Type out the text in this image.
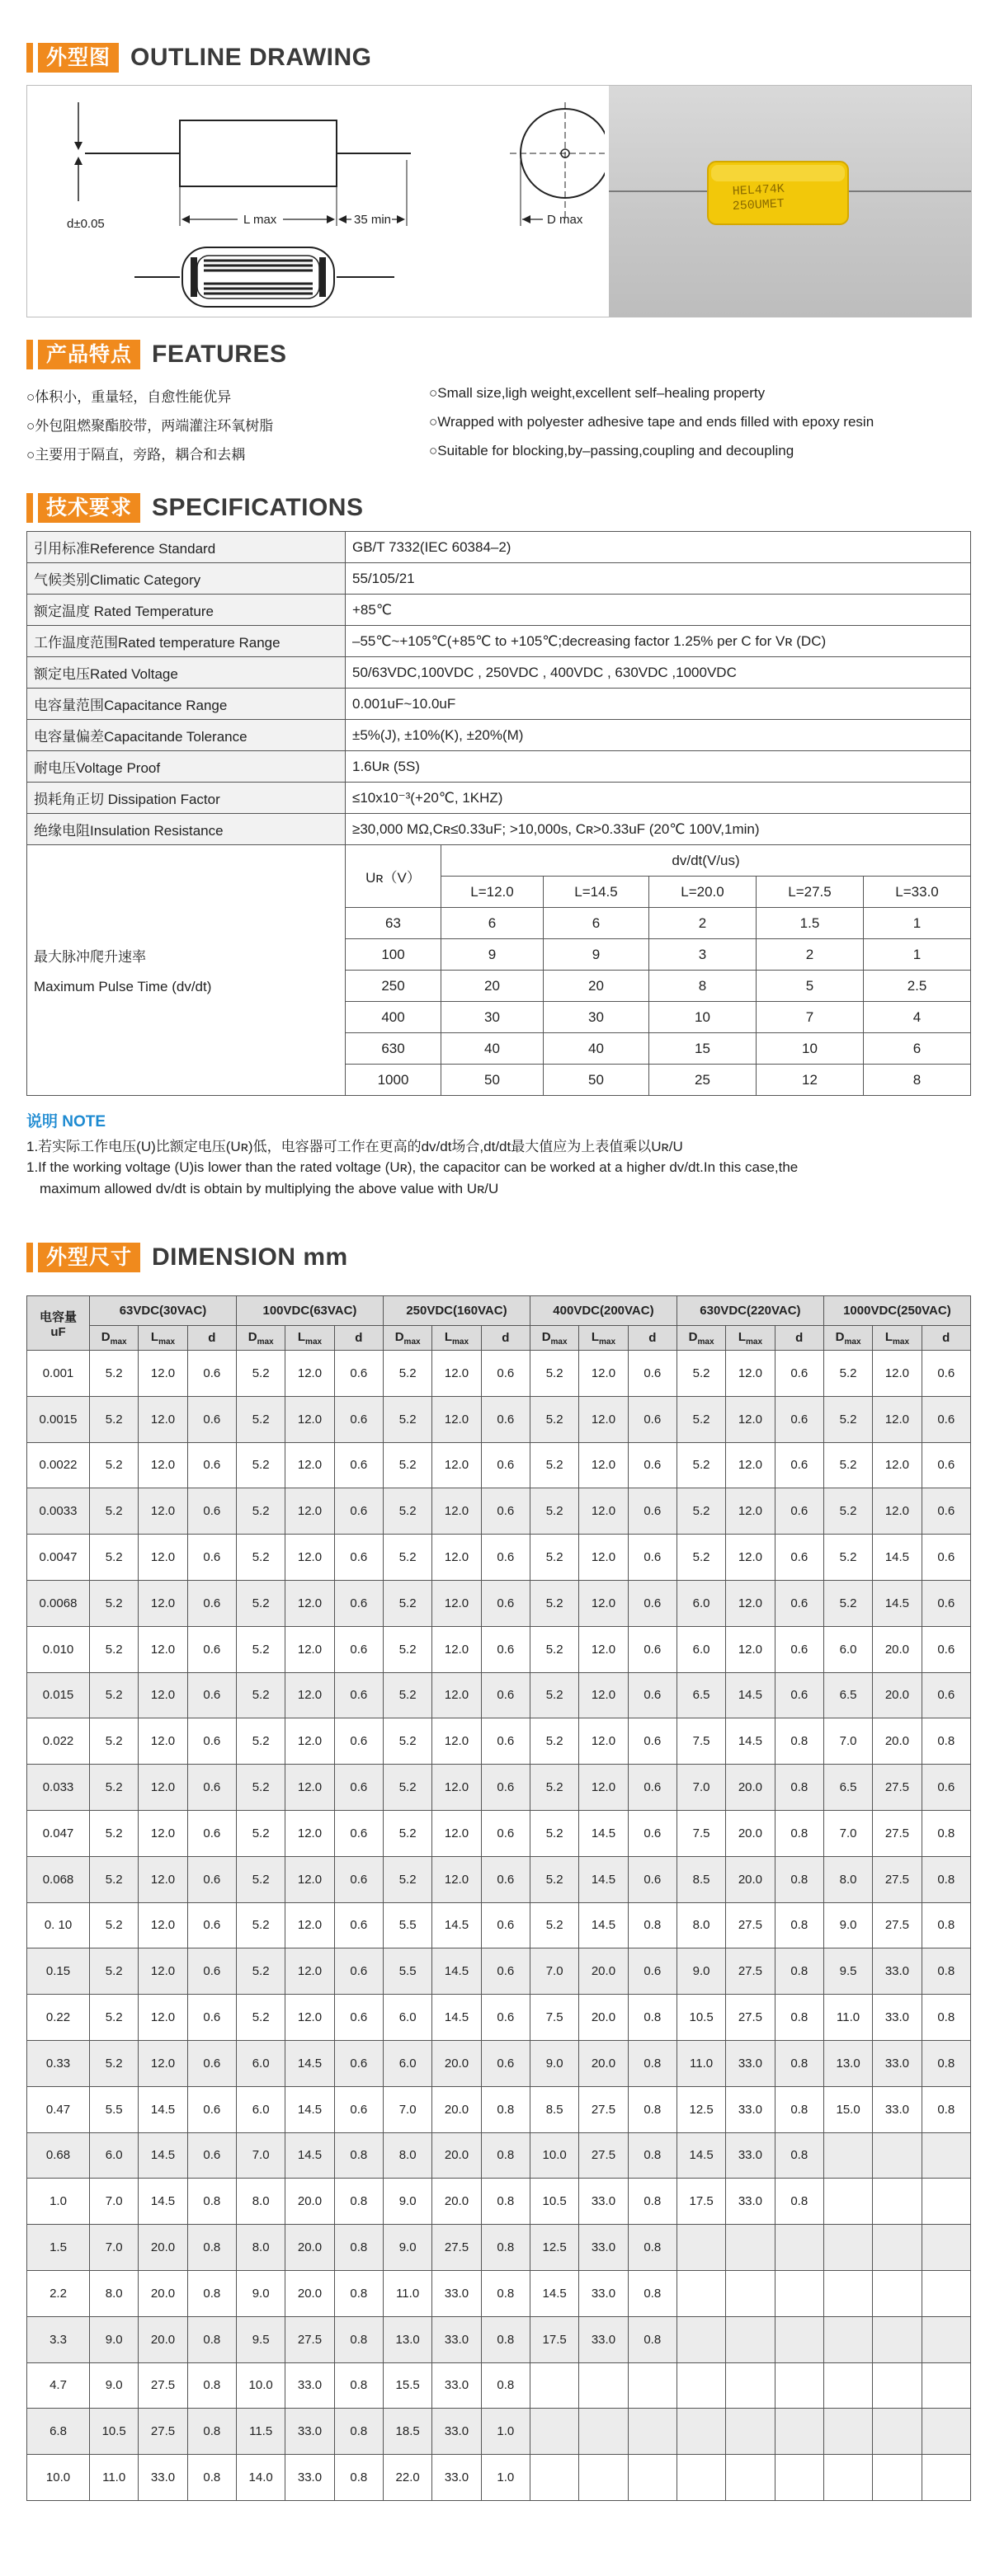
外型图 OUTLINE DRAWING
d±0.05	L max	35 min	D max
HEL474K
250UMET
产品特点 FEATURES
○体积小，重量轻，自愈性能优异
○外包阻燃聚酯胶带，两端灌注环氧树脂
○主要用于隔直，旁路，耦合和去耦
○Small size,ligh weight,excellent self–healing property
○Wrapped with polyester adhesive tape and ends filled with epoxy resin
○Suitable for blocking,by–passing,coupling and decoupling
技术要求 SPECIFICATIONS
引用标准Reference Standard	GB/T 7332(IEC 60384–2)					
气候类别Climatic Category	55/105/21					
额定温度 Rated Temperature	+85℃					
工作温度范围Rated temperature Range	–55℃~+105℃(+85℃ to +105℃;decreasing factor 1.25% per C for Vʀ (DC)					
额定电压Rated Voltage	50/63VDC,100VDC , 250VDC , 400VDC , 630VDC ,1000VDC					
电容量范围Capacitance Range	0.001uF~10.0uF					
电容量偏差Capacitande Tolerance	±5%(J), ±10%(K), ±20%(M)					
耐电压Voltage Proof	1.6Uʀ (5S)					
损耗角正切 Dissipation Factor	≤10x10⁻³(+20℃, 1KHZ)					
绝缘电阻Insulation Resistance	≥30,000 MΩ,Cʀ≤0.33uF; >10,000s, Cʀ>0.33uF (20℃ 100V,1min)					

最大脉冲爬升速率
Maximum Pulse Time (dv/dt)	Uʀ（V）	dv/dt(V/us)				
		L=12.0	L=14.5	L=20.0	L=27.5	L=33.0
	63	6	6	2	1.5	1
	100	9	9	3	2	1
	250	20	20	8	5	2.5
	400	30	30	10	7	4
	630	40	40	15	10	6
	1000	50	50	25	12	8
说明 NOTE
1.若实际工作电压(U)比额定电压(Uʀ)低，电容器可工作在更高的dv/dt场合,dt/dt最大值应为上表值乘以Uʀ/U
1.If the working voltage (U)is lower than the rated voltage (Uʀ), the capacitor can be worked at a higher dv/dt.In this case,the
maximum allowed dv/dt is obtain by multiplying the above value with Uʀ/U
外型尺寸 DIMENSION mm
电容量
uF	63VDC(30VAC)			100VDC(63VAC)			250VDC(160VAC)			400VDC(200VAC)			630VDC(220VAC)			1000VDC(250VAC)		
	$D_{max}$	$L_{max}$	d	$D_{max}$	$L_{max}$	d	$D_{max}$	$L_{max}$	d	$D_{max}$	$L_{max}$	d	$D_{max}$	$L_{max}$	d	$D_{max}$	$L_{max}$	d
0.001	5.2	12.0	0.6	5.2	12.0	0.6	5.2	12.0	0.6	5.2	12.0	0.6	5.2	12.0	0.6	5.2	12.0	0.6
0.0015	5.2	12.0	0.6	5.2	12.0	0.6	5.2	12.0	0.6	5.2	12.0	0.6	5.2	12.0	0.6	5.2	12.0	0.6
0.0022	5.2	12.0	0.6	5.2	12.0	0.6	5.2	12.0	0.6	5.2	12.0	0.6	5.2	12.0	0.6	5.2	12.0	0.6
0.0033	5.2	12.0	0.6	5.2	12.0	0.6	5.2	12.0	0.6	5.2	12.0	0.6	5.2	12.0	0.6	5.2	12.0	0.6
0.0047	5.2	12.0	0.6	5.2	12.0	0.6	5.2	12.0	0.6	5.2	12.0	0.6	5.2	12.0	0.6	5.2	14.5	0.6
0.0068	5.2	12.0	0.6	5.2	12.0	0.6	5.2	12.0	0.6	5.2	12.0	0.6	6.0	12.0	0.6	5.2	14.5	0.6
0.010	5.2	12.0	0.6	5.2	12.0	0.6	5.2	12.0	0.6	5.2	12.0	0.6	6.0	12.0	0.6	6.0	20.0	0.6
0.015	5.2	12.0	0.6	5.2	12.0	0.6	5.2	12.0	0.6	5.2	12.0	0.6	6.5	14.5	0.6	6.5	20.0	0.6
0.022	5.2	12.0	0.6	5.2	12.0	0.6	5.2	12.0	0.6	5.2	12.0	0.6	7.5	14.5	0.8	7.0	20.0	0.8
0.033	5.2	12.0	0.6	5.2	12.0	0.6	5.2	12.0	0.6	5.2	12.0	0.6	7.0	20.0	0.8	6.5	27.5	0.6
0.047	5.2	12.0	0.6	5.2	12.0	0.6	5.2	12.0	0.6	5.2	14.5	0.6	7.5	20.0	0.8	7.0	27.5	0.8
0.068	5.2	12.0	0.6	5.2	12.0	0.6	5.2	12.0	0.6	5.2	14.5	0.6	8.5	20.0	0.8	8.0	27.5	0.8
0. 10	5.2	12.0	0.6	5.2	12.0	0.6	5.5	14.5	0.6	5.2	14.5	0.8	8.0	27.5	0.8	9.0	27.5	0.8
0.15	5.2	12.0	0.6	5.2	12.0	0.6	5.5	14.5	0.6	7.0	20.0	0.6	9.0	27.5	0.8	9.5	33.0	0.8
0.22	5.2	12.0	0.6	5.2	12.0	0.6	6.0	14.5	0.6	7.5	20.0	0.8	10.5	27.5	0.8	11.0	33.0	0.8
0.33	5.2	12.0	0.6	6.0	14.5	0.6	6.0	20.0	0.6	9.0	20.0	0.8	11.0	33.0	0.8	13.0	33.0	0.8
0.47	5.5	14.5	0.6	6.0	14.5	0.6	7.0	20.0	0.8	8.5	27.5	0.8	12.5	33.0	0.8	15.0	33.0	0.8
0.68	6.0	14.5	0.6	7.0	14.5	0.8	8.0	20.0	0.8	10.0	27.5	0.8	14.5	33.0	0.8			
1.0	7.0	14.5	0.8	8.0	20.0	0.8	9.0	20.0	0.8	10.5	33.0	0.8	17.5	33.0	0.8			
1.5	7.0	20.0	0.8	8.0	20.0	0.8	9.0	27.5	0.8	12.5	33.0	0.8						
2.2	8.0	20.0	0.8	9.0	20.0	0.8	11.0	33.0	0.8	14.5	33.0	0.8						
3.3	9.0	20.0	0.8	9.5	27.5	0.8	13.0	33.0	0.8	17.5	33.0	0.8						
4.7	9.0	27.5	0.8	10.0	33.0	0.8	15.5	33.0	0.8									
6.8	10.5	27.5	0.8	11.5	33.0	0.8	18.5	33.0	1.0									
10.0	11.0	33.0	0.8	14.0	33.0	0.8	22.0	33.0	1.0									
